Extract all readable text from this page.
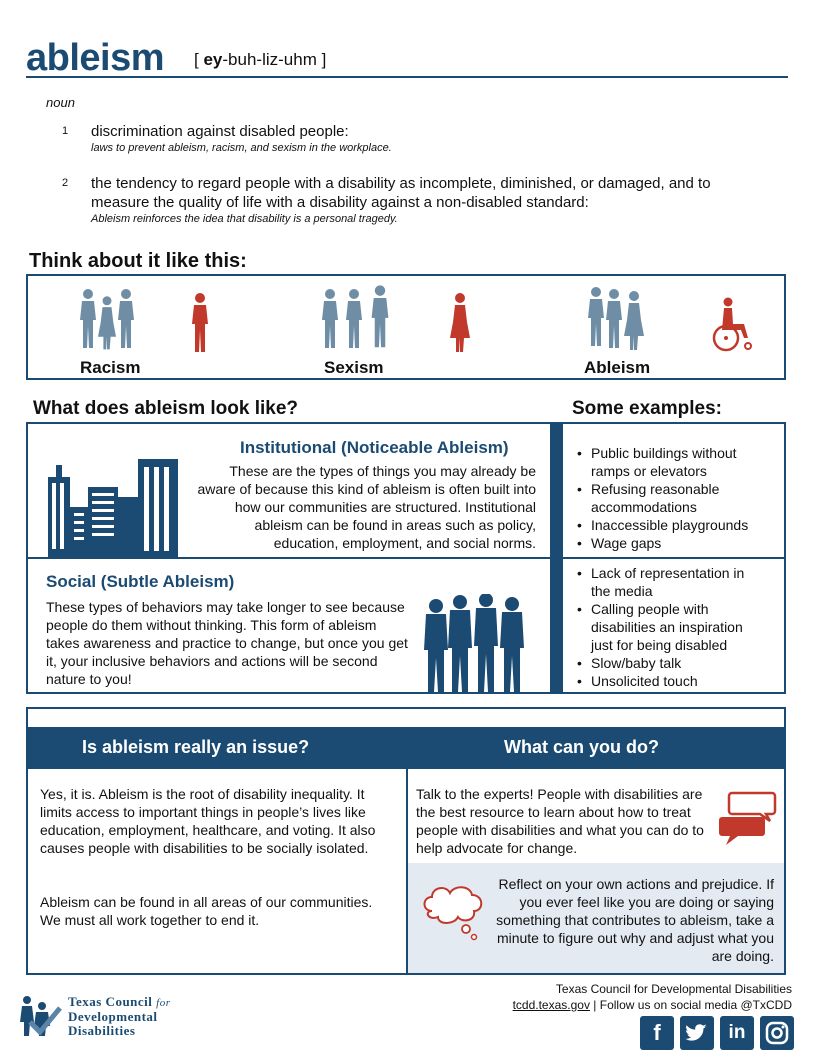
ableism [ ey-buh-liz-uhm ]
noun
1 discrimination against disabled people:
laws to prevent ableism, racism, and sexism in the workplace.
2 the tendency to regard people with a disability as incomplete, diminished, or damaged, and to measure the quality of life with a disability against a non-disabled standard:
Ableism reinforces the idea that disability is a personal tragedy.
Think about it like this:
Racism	Sexism	Ableism
What does ableism look like?	Some examples:
Institutional (Noticeable Ableism)
These are the types of things you may already be aware of because this kind of ableism is often built into how our communities are structured. Institutional ableism can be found in areas such as policy, education, employment, and social norms.
Social (Subtle Ableism)
These types of behaviors may take longer to see because people do them without thinking. This form of ableism takes awareness and practice to change, but once you get it, your inclusive behaviors and actions will be second nature to you!
• Public buildings without ramps or elevators
• Refusing reasonable accommodations
• Inaccessible playgrounds
• Wage gaps
• Lack of representation in the media
• Calling people with disabilities an inspiration just for being disabled
• Slow/baby talk
• Unsolicited touch
Is ableism really an issue?	What can you do?
Yes, it is. Ableism is the root of disability inequality. It limits access to important things in people’s lives like education, employment, healthcare, and voting. It also causes people with disabilities to be socially isolated.
Ableism can be found in all areas of our communities. We must all work together to end it.
Talk to the experts! People with disabilities are the best resource to learn about how to treat people with disabilities and what you can do to help advocate for change.
Reflect on your own actions and prejudice. If you ever feel like you are doing or saying something that contributes to ableism, take a minute to figure out why and adjust what you are doing.
Texas Council for
Developmental
Disabilities
Texas Council for Developmental Disabilities
tcdd.texas.gov | Follow us on social media @TxCDD
f	in
